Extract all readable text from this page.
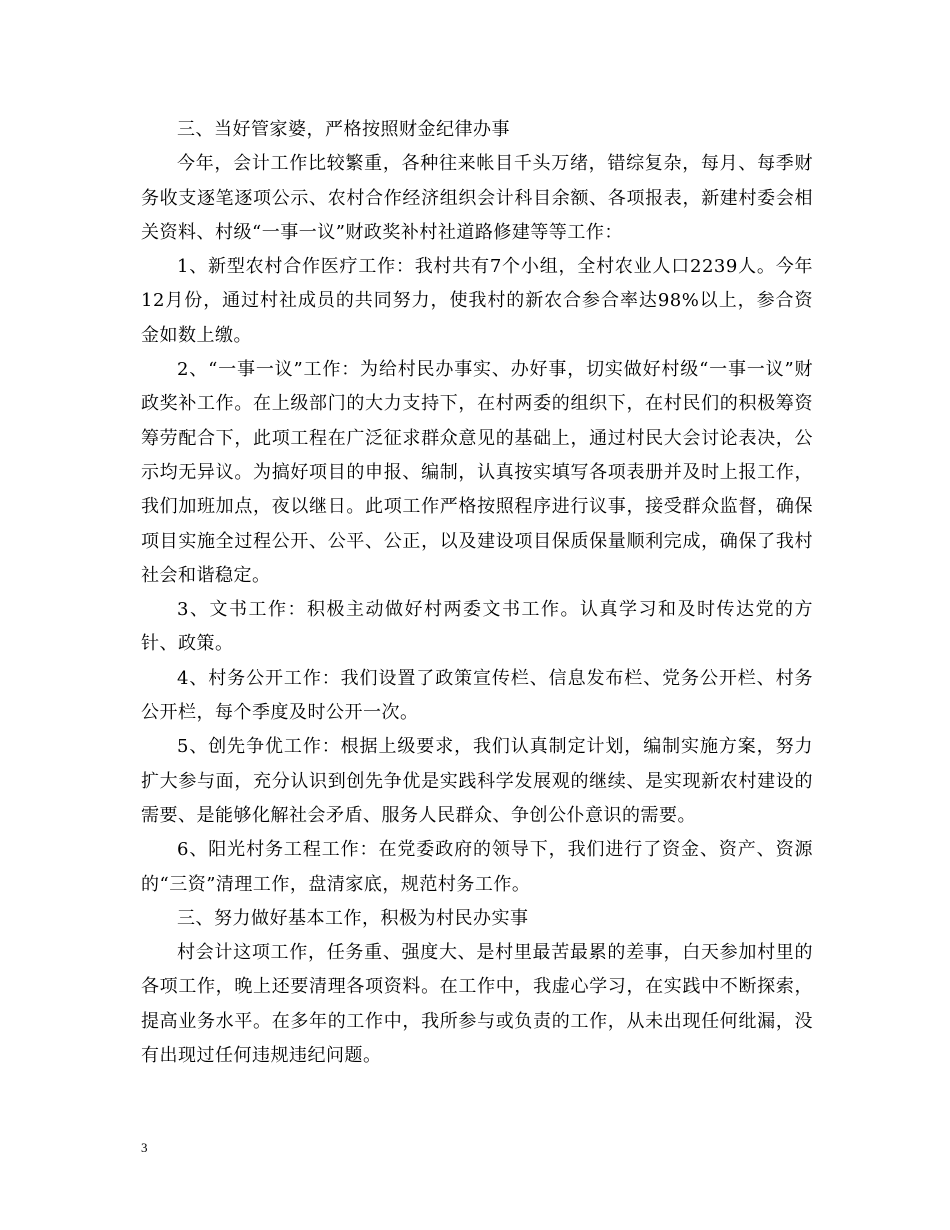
三、当好管家婆，严格按照财金纪律办事

今年，会计工作比较繁重，各种往来帐目千头万绪，错综复杂，每月、每季财务收支逐笔逐项公示、农村合作经济组织会计科目余额、各项报表，新建村委会相关资料、村级“一事一议”财政奖补村社道路修建等等工作：

1、新型农村合作医疗工作：我村共有7个小组，全村农业人口2239人。今年12月份，通过村社成员的共同努力，使我村的新农合参合率达98%以上，参合资金如数上缴。

2、“一事一议”工作：为给村民办事实、办好事，切实做好村级“一事一议”财政奖补工作。在上级部门的大力支持下，在村两委的组织下，在村民们的积极筹资筹劳配合下，此项工程在广泛征求群众意见的基础上，通过村民大会讨论表决，公示均无异议。为搞好项目的申报、编制，认真按实填写各项表册并及时上报工作，我们加班加点，夜以继日。此项工作严格按照程序进行议事，接受群众监督，确保项目实施全过程公开、公平、公正，以及建设项目保质保量顺利完成，确保了我村社会和谐稳定。

3、文书工作：积极主动做好村两委文书工作。认真学习和及时传达党的方针、政策。

4、村务公开工作：我们设置了政策宣传栏、信息发布栏、党务公开栏、村务公开栏，每个季度及时公开一次。

5、创先争优工作：根据上级要求，我们认真制定计划，编制实施方案，努力扩大参与面，充分认识到创先争优是实践科学发展观的继续、是实现新农村建设的需要、是能够化解社会矛盾、服务人民群众、争创公仆意识的需要。

6、阳光村务工程工作：在党委政府的领导下，我们进行了资金、资产、资源的“三资”清理工作，盘清家底，规范村务工作。

三、努力做好基本工作，积极为村民办实事

村会计这项工作，任务重、强度大、是村里最苦最累的差事，白天参加村里的各项工作，晚上还要清理各项资料。在工作中，我虚心学习，在实践中不断探索，提高业务水平。在多年的工作中，我所参与或负责的工作，从未出现任何纰漏，没有出现过任何违规违纪问题。

3
